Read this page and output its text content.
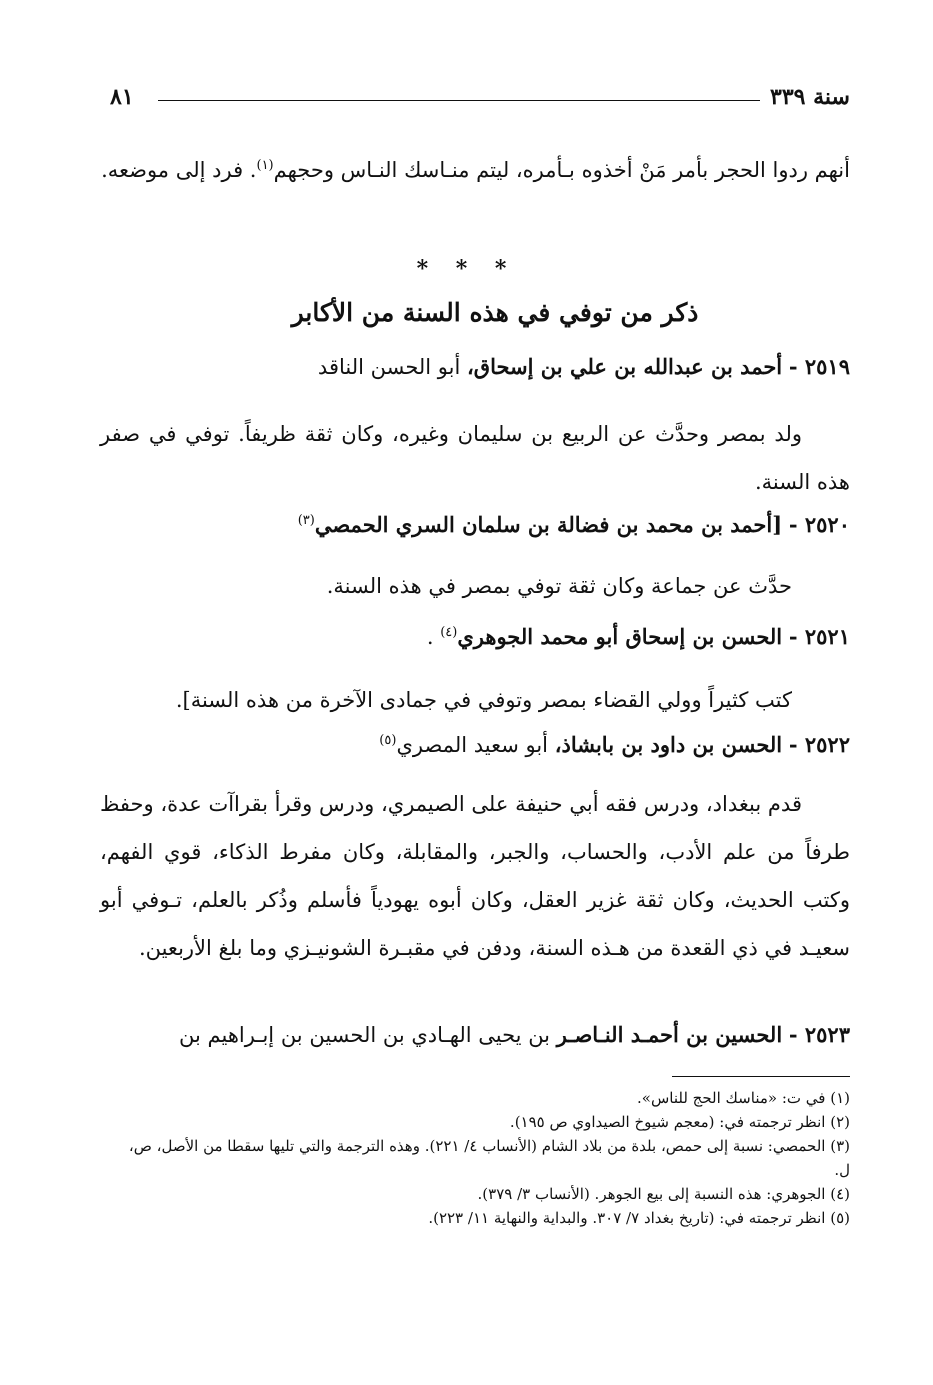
سنة ٣٣٩
٨١
أنهم ردوا الحجر بأمر مَنْ أخذوه بـأمره، ليتم منـاسك النـاس وحجهم$^{(١)}$. فرد إلى موضعه.
* * *
ذكر من توفي في هذه السنة من الأكابر
٢٥١٩ - أحمد بن عبدالله بن علي بن إسحاق، أبو الحسن الناقد
ولد بمصر وحدَّث عن الربيع بن سليمان وغيره، وكان ثقة ظريفاً. توفي في صفر هذه السنة.
٢٥٢٠ - [أحمد بن محمد بن فضالة بن سلمان السري الحمصي$^{(٣)}$
حدَّث عن جماعة وكان ثقة توفي بمصر في هذه السنة.
٢٥٢١ - الحسن بن إسحاق أبو محمد الجوهري$^{(٤)}$ .
كتب كثيراً وولي القضاء بمصر وتوفي في جمادى الآخرة من هذه السنة].
٢٥٢٢ - الحسن بن داود بن بابشاذ، أبو سعيد المصري$^{(٥)}$
قدم ببغداد، ودرس فقه أبي حنيفة على الصيمري، ودرس وقرأ بقراآت عدة، وحفظ طرفاً من علم الأدب، والحساب، والجبر، والمقابلة، وكان مفرط الذكاء، قوي الفهم، وكتب الحديث، وكان ثقة غزير العقل، وكان أبوه يهودياً فأسلم وذُكر بالعلم، تـوفي أبو سعيـد في ذي القعدة من هـذه السنة، ودفن في مقبـرة الشونيـزي وما بلغ الأربعين.
٢٥٢٣ - الحسين بن أحمـد النـاصـر بن يحيى الهـادي بن الحسين بن إبـراهيم بن

(١) في ت: «مناسك الحج للناس».

(٢) انظر ترجمته في: (معجم شيوخ الصيداوي ص ١٩٥).

(٣) الحمصي: نسبة إلى حمص، بلدة من بلاد الشام (الأنساب ٤/ ٢٢١). وهذه الترجمة والتي تليها سقطا من الأصل، ص، ل.

(٤) الجوهري: هذه النسبة إلى بيع الجوهر. (الأنساب ٣/ ٣٧٩).

(٥) انظر ترجمته في: (تاريخ بغداد ٧/ ٣٠٧. والبداية والنهاية ١١/ ٢٢٣).
